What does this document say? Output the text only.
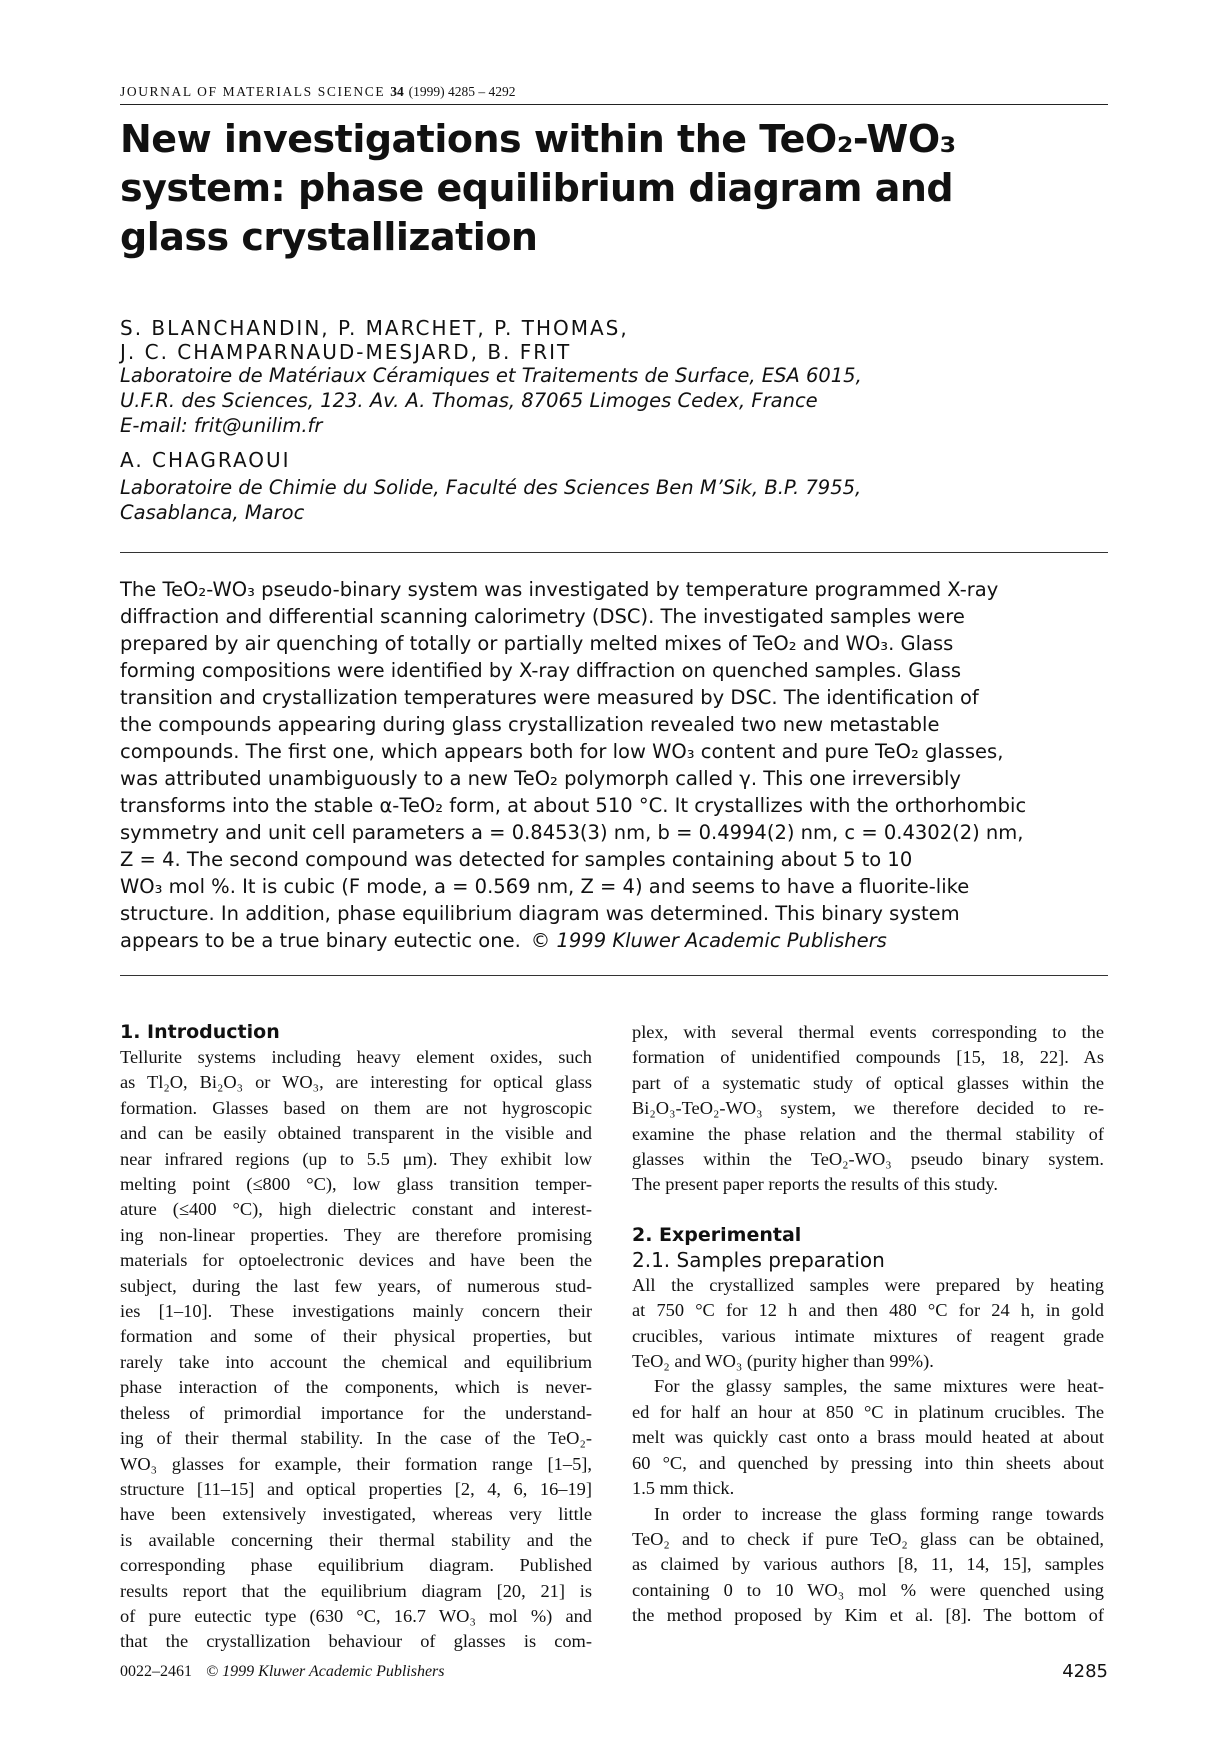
JOURNAL OF MATERIALS SCIENCE 34 (1999) 4285 – 4292
New investigations within the TeO₂-WO₃
system: phase equilibrium diagram and
glass crystallization
S. BLANCHANDIN, P. MARCHET, P. THOMAS,
J. C. CHAMPARNAUD-MESJARD, B. FRIT
Laboratoire de Matériaux Céramiques et Traitements de Surface, ESA 6015,
U.F.R. des Sciences, 123. Av. A. Thomas, 87065 Limoges Cedex, France
E-mail: frit@unilim.fr
A. CHAGRAOUI
Laboratoire de Chimie du Solide, Faculté des Sciences Ben M’Sik, B.P. 7955,
Casablanca, Maroc
The TeO₂-WO₃ pseudo-binary system was investigated by temperature programmed X-ray
diffraction and differential scanning calorimetry (DSC). The investigated samples were
prepared by air quenching of totally or partially melted mixes of TeO₂ and WO₃. Glass
forming compositions were identified by X-ray diffraction on quenched samples. Glass
transition and crystallization temperatures were measured by DSC. The identification of
the compounds appearing during glass crystallization revealed two new metastable
compounds. The first one, which appears both for low WO₃ content and pure TeO₂ glasses,
was attributed unambiguously to a new TeO₂ polymorph called γ. This one irreversibly
transforms into the stable α-TeO₂ form, at about 510 °C. It crystallizes with the orthorhombic
symmetry and unit cell parameters a = 0.8453(3) nm, b = 0.4994(2) nm, c = 0.4302(2) nm,
Z = 4. The second compound was detected for samples containing about 5 to 10
WO₃ mol %. It is cubic (F mode, a = 0.569 nm, Z = 4) and seems to have a fluorite-like
structure. In addition, phase equilibrium diagram was determined. This binary system
appears to be a true binary eutectic one. © 1999 Kluwer Academic Publishers
1. Introduction
Tellurite systems including heavy element oxides, such
as Tl₂O, Bi₂O₃ or WO₃, are interesting for optical glass
formation. Glasses based on them are not hygroscopic
and can be easily obtained transparent in the visible and
near infrared regions (up to 5.5 μm). They exhibit low
melting point (≤800 °C), low glass transition temper-
ature (≤400 °C), high dielectric constant and interest-
ing non-linear properties. They are therefore promising
materials for optoelectronic devices and have been the
subject, during the last few years, of numerous stud-
ies [1–10]. These investigations mainly concern their
formation and some of their physical properties, but
rarely take into account the chemical and equilibrium
phase interaction of the components, which is never-
theless of primordial importance for the understand-
ing of their thermal stability. In the case of the TeO₂-
WO₃ glasses for example, their formation range [1–5],
structure [11–15] and optical properties [2, 4, 6, 16–19]
have been extensively investigated, whereas very little
is available concerning their thermal stability and the
corresponding phase equilibrium diagram. Published
results report that the equilibrium diagram [20, 21] is
of pure eutectic type (630 °C, 16.7 WO₃ mol %) and
that the crystallization behaviour of glasses is com-
plex, with several thermal events corresponding to the
formation of unidentified compounds [15, 18, 22]. As
part of a systematic study of optical glasses within the
Bi₂O₃-TeO₂-WO₃ system, we therefore decided to re-
examine the phase relation and the thermal stability of
glasses within the TeO₂-WO₃ pseudo binary system.
The present paper reports the results of this study.
2. Experimental
2.1. Samples preparation
All the crystallized samples were prepared by heating
at 750 °C for 12 h and then 480 °C for 24 h, in gold
crucibles, various intimate mixtures of reagent grade
TeO₂ and WO₃ (purity higher than 99%).
For the glassy samples, the same mixtures were heat-
ed for half an hour at 850 °C in platinum crucibles. The
melt was quickly cast onto a brass mould heated at about
60 °C, and quenched by pressing into thin sheets about
1.5 mm thick.
In order to increase the glass forming range towards
TeO₂ and to check if pure TeO₂ glass can be obtained,
as claimed by various authors [8, 11, 14, 15], samples
containing 0 to 10 WO₃ mol % were quenched using
the method proposed by Kim et al. [8]. The bottom of
0022–2461 © 1999 Kluwer Academic Publishers	4285
